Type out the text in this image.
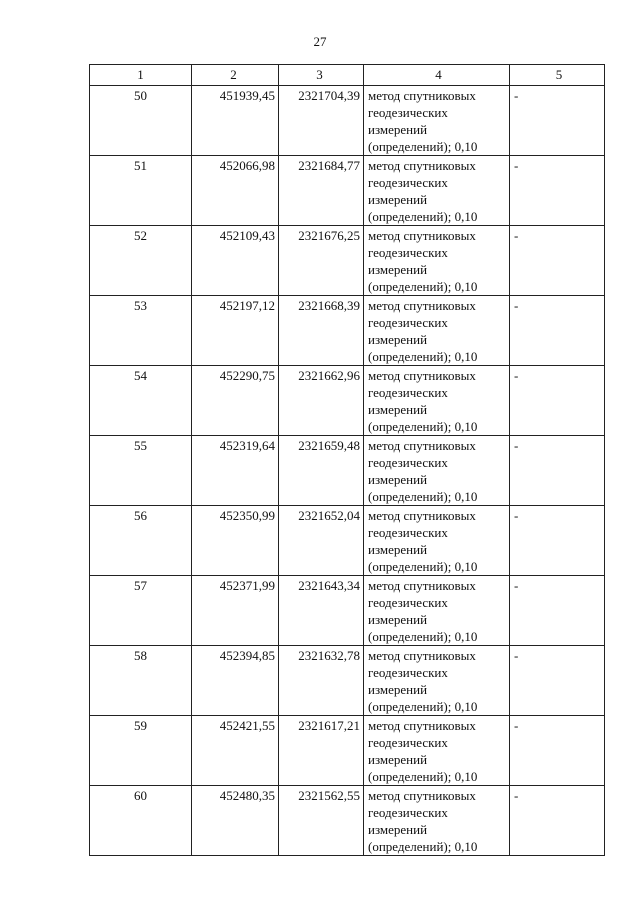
27
1	2	3	4	5

50	451939,45	2321704,39	метод спутниковых геодезических измерений (определений); 0,10	-

51	452066,98	2321684,77	метод спутниковых геодезических измерений (определений); 0,10	-

52	452109,43	2321676,25	метод спутниковых геодезических измерений (определений); 0,10	-

53	452197,12	2321668,39	метод спутниковых геодезических измерений (определений); 0,10	-

54	452290,75	2321662,96	метод спутниковых геодезических измерений (определений); 0,10	-

55	452319,64	2321659,48	метод спутниковых геодезических измерений (определений); 0,10	-

56	452350,99	2321652,04	метод спутниковых геодезических измерений (определений); 0,10	-

57	452371,99	2321643,34	метод спутниковых геодезических измерений (определений); 0,10	-

58	452394,85	2321632,78	метод спутниковых геодезических измерений (определений); 0,10	-

59	452421,55	2321617,21	метод спутниковых геодезических измерений (определений); 0,10	-

60	452480,35	2321562,55	метод спутниковых геодезических измерений (определений); 0,10	-
